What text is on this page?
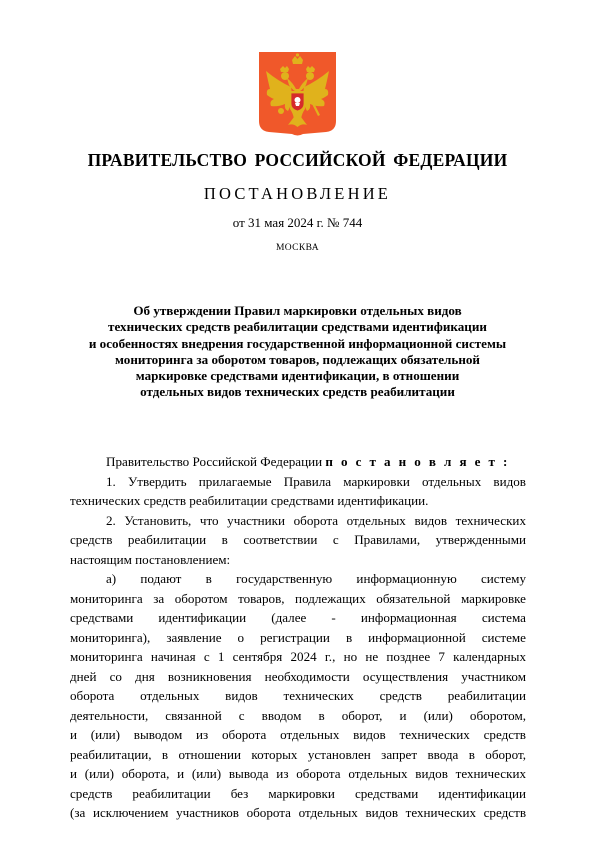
ПРАВИТЕЛЬСТВО РОССИЙСКОЙ ФЕДЕРАЦИИ
ПОСТАНОВЛЕНИЕ
от 31 мая 2024 г. № 744
МОСКВА
Об утверждении Правил маркировки отдельных видов
технических средств реабилитации средствами идентификации
и особенностях внедрения государственной информационной системы
мониторинга за оборотом товаров, подлежащих обязательной
маркировке средствами идентификации, в отношении
отдельных видов технических средств реабилитации
Правительство Российской Федерации п о с т а н о в л я е т :
1. Утвердить прилагаемые Правила маркировки отдельных видов
технических средств реабилитации средствами идентификации.
2. Установить, что участники оборота отдельных видов технических
средств реабилитации в соответствии с Правилами, утвержденными
настоящим постановлением:
а) подают в государственную информационную систему
мониторинга за оборотом товаров, подлежащих обязательной маркировке
средствами идентификации (далее - информационная система
мониторинга), заявление о регистрации в информационной системе
мониторинга начиная с 1 сентября 2024 г., но не позднее 7 календарных
дней со дня возникновения необходимости осуществления участником
оборота отдельных видов технических средств реабилитации
деятельности, связанной с вводом в оборот, и (или) оборотом,
и (или) выводом из оборота отдельных видов технических средств
реабилитации, в отношении которых установлен запрет ввода в оборот,
и (или) оборота, и (или) вывода из оборота отдельных видов технических
средств реабилитации без маркировки средствами идентификации
(за исключением участников оборота отдельных видов технических средств
